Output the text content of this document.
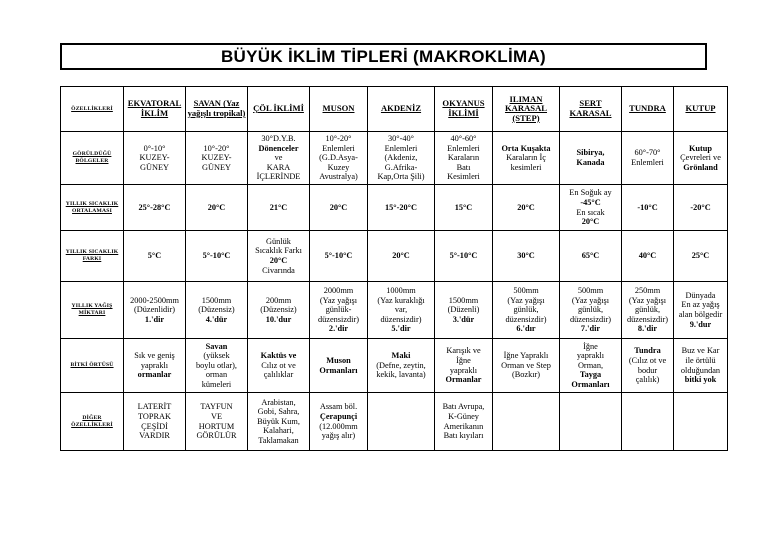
BÜYÜK İKLİM TİPLERİ (MAKROKLİMA)
ÖZELLİKLERİ	EKVATORAL İKLİM	SAVAN (Yaz yağışlı tropikal)	ÇÖL İKLİMİ	MUSON	AKDENİZ	OKYANUS İKLİMİ	ILIMAN KARASAL (STEP)	SERT KARASAL	TUNDRA	KUTUP
GÖRÜLDÜĞÜ BÖLGELER	0°-10°
KUZEY-
GÜNEY	10°-20°
KUZEY-
GÜNEY	30°D.Y.B.
Dönenceler
ve
KARA
İÇLERİNDE	10°-20°
Enlemleri
(G.D.Asya-
Kuzey
Avustralya)	30°-40°
Enlemleri
(Akdeniz,
G.Afrika-
Kap,Orta Şili)	40°-60°
Enlemleri
Karaların
Batı
Kesimleri	Orta Kuşakta
Karaların İç
kesimleri	Sibirya,
Kanada	60°-70°
Enlemleri	Kutup
Çevreleri ve
Grönland

YILLIK SICAKLIK ORTALAMASI	25°-28°C	20°C	21°C	20°C	15°-20°C	15°C	20°C	En Soğuk ay
-45°C
En sıcak
20°C	-10°C	-20°C

YILLIK SICAKLIK FARKI	5°C	5°-10°C	Günlük
Sıcaklık Farkı
20°C
Civarında	5°-10°C	20°C	5°-10°C	30°C	65°C	40°C	25°C

YILLIK YAĞIŞ MİKTARI	2000-2500mm
(Düzenlidir)
1.'dir	1500mm
(Düzensiz)
4.'dür	200mm
(Düzensiz)
10.'dur	2000mm
(Yaz yağışı
günlük-
düzensizdir)
2.'dir	1000mm
(Yaz kuraklığı
var,
düzensizdir)
5.'dir	1500mm
(Düzenli)
3.'dür	500mm
(Yaz yağışı
günlük,
düzensizdir)
6.'dır	500mm
(Yaz yağışı
günlük,
düzensizdir)
7.'dir	250mm
(Yaz yağışı
günlük,
düzensizdir)
8.'dir	Dünyada
En az yağış
alan bölgedir
9.'dur

BİTKİ ÖRTÜSÜ	Sık ve geniş
yapraklı
ormanlar	Savan
(yüksek
boylu otlar),
orman
kümeleri	Kaktüs ve
Cılız ot ve
çalılıklar	Muson
Ormanları	Maki
(Defne, zeytin,
kekik, lavanta)	Karışık ve
İğne
yapraklı
Ormanlar	İğne Yapraklı
Orman ve Step
(Bozkır)	İğne
yapraklı
Orman,
Tayga
Ormanları	Tundra
(Cılız ot ve
bodur
çalılık)	Buz ve Kar
ile örtülü
olduğundan
bitki yok

DİĞER ÖZELLİKLERİ	LATERİT
TOPRAK
ÇEŞİDİ
VARDIR	TAYFUN
VE
HORTUM
GÖRÜLÜR	Arabistan,
Gobi, Sahra,
Büyük Kum,
Kalahari,
Taklamakan	Assam böl.
Çerapunçi
(12.000mm
yağış alır)		Batı Avrupa,
K-Güney
Amerikanın
Batı kıyıları				
